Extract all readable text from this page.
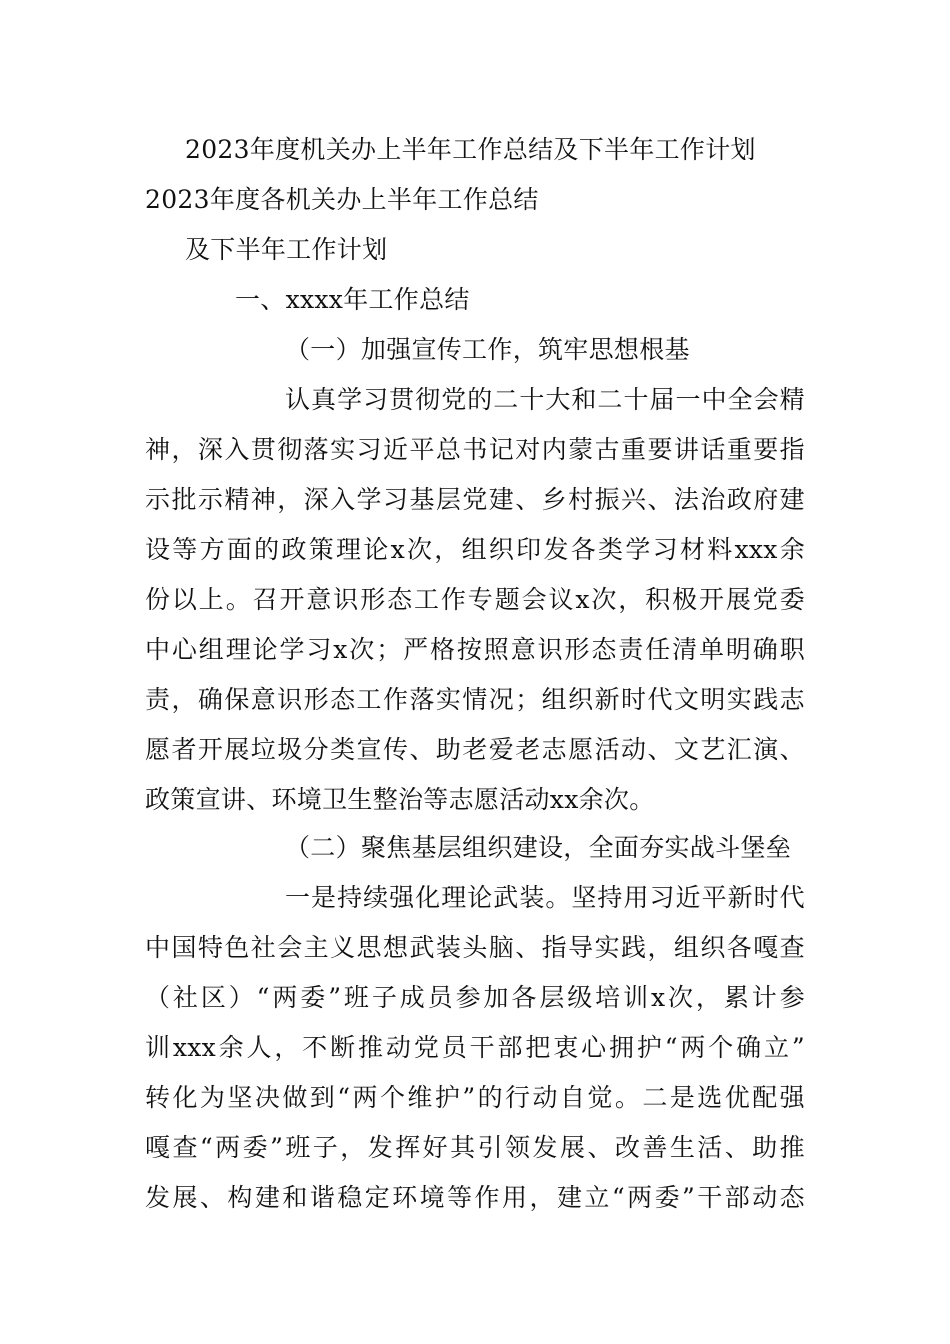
2023年度机关办上半年工作总结及下半年工作计划
2023年度各机关办上半年工作总结
及下半年工作计划
一、xxxx年工作总结
（一）加强宣传工作，筑牢思想根基
认真学习贯彻党的二十大和二十届一中全会精
神，深入贯彻落实习近平总书记对内蒙古重要讲话重要指
示批示精神，深入学习基层党建、乡村振兴、法治政府建
设等方面的政策理论x次，组织印发各类学习材料xxx余
份以上。召开意识形态工作专题会议x次，积极开展党委
中心组理论学习x次；严格按照意识形态责任清单明确职
责，确保意识形态工作落实情况；组织新时代文明实践志
愿者开展垃圾分类宣传、助老爱老志愿活动、文艺汇演、
政策宣讲、环境卫生整治等志愿活动xx余次。
（二）聚焦基层组织建设，全面夯实战斗堡垒
一是持续强化理论武装。坚持用习近平新时代
中国特色社会主义思想武装头脑、指导实践，组织各嘎查
（社区）“两委”班子成员参加各层级培训x次，累计参
训xxx余人，不断推动党员干部把衷心拥护“两个确立”
转化为坚决做到“两个维护”的行动自觉。二是选优配强
嘎查“两委”班子，发挥好其引领发展、改善生活、助推
发展、构建和谐稳定环境等作用，建立“两委”干部动态
